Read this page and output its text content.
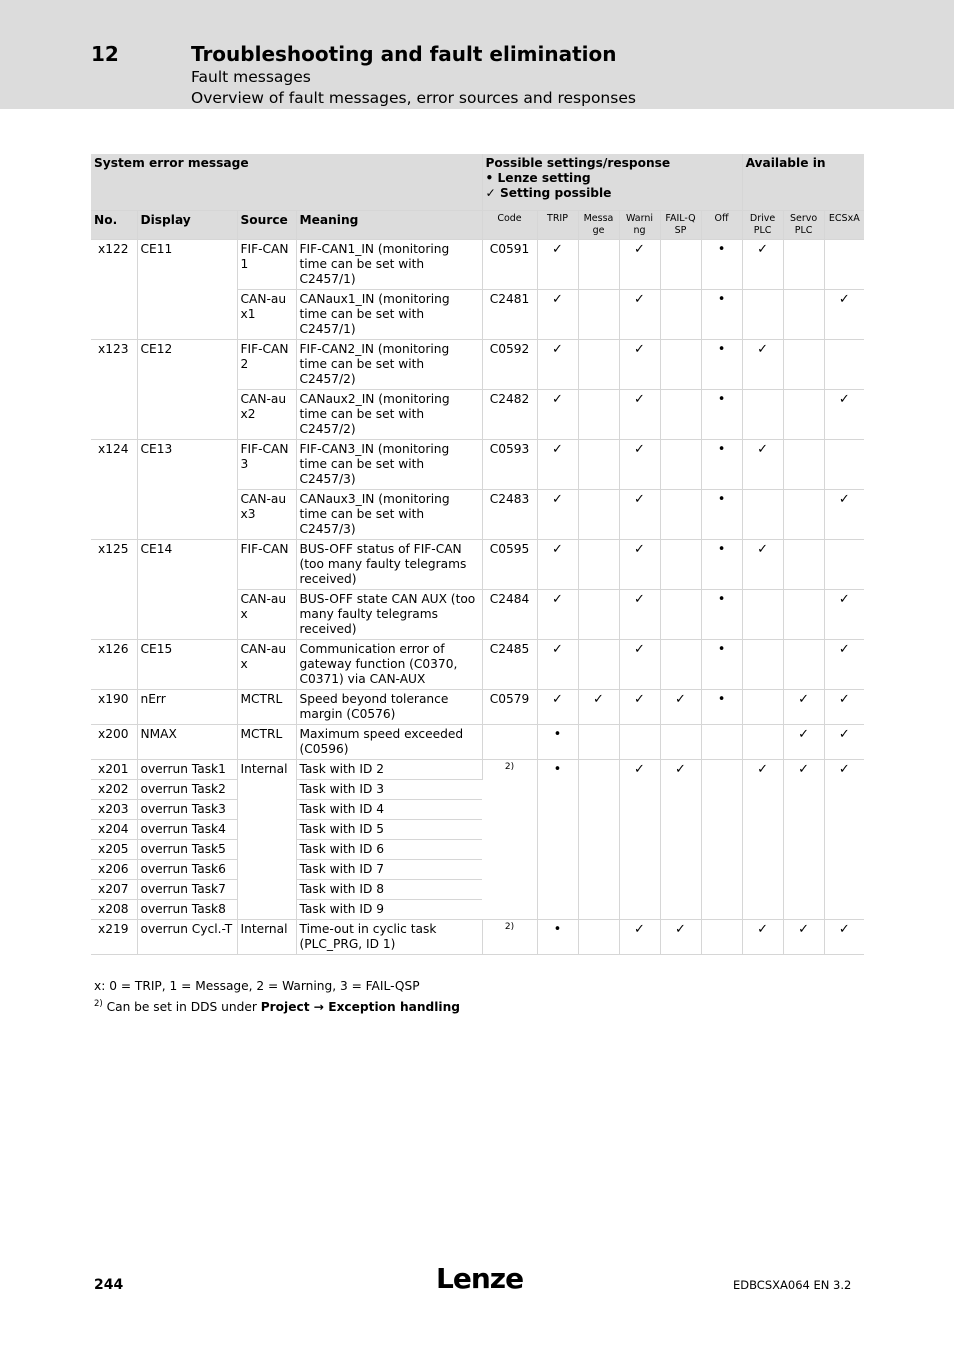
12	Troubleshooting and fault elimination
Fault messages
Overview of fault messages, error sources and responses
System error message				Possible settings/response
• Lenze setting
✓ Setting possible						Available in		
No.	Display	Source	Meaning	Code	TRIP	Messa ge	Warni ng	FAIL-Q SP	Off	Drive PLC	Servo PLC	ECSxA
x122	CE11	FIF-CAN 1	FIF-CAN1_IN (monitoring time can be set with C2457/1)	C0591	✓		✓		•	✓		
		CAN-au x1	CANaux1_IN (monitoring time can be set with C2457/1)	C2481	✓		✓		•			✓
x123	CE12	FIF-CAN 2	FIF-CAN2_IN (monitoring time can be set with C2457/2)	C0592	✓		✓		•	✓		
		CAN-au x2	CANaux2_IN (monitoring time can be set with C2457/2)	C2482	✓		✓		•			✓
x124	CE13	FIF-CAN 3	FIF-CAN3_IN (monitoring time can be set with C2457/3)	C0593	✓		✓		•	✓		
		CAN-au x3	CANaux3_IN (monitoring time can be set with C2457/3)	C2483	✓		✓		•			✓
x125	CE14	FIF-CAN	BUS-OFF status of FIF-CAN (too many faulty telegrams received)	C0595	✓		✓		•	✓		
		CAN-au x	BUS-OFF state CAN AUX (too many faulty telegrams received)	C2484	✓		✓		•			✓
x126	CE15	CAN-au x	Communication error of gateway function (C0370, C0371) via CAN-AUX	C2485	✓		✓		•			✓
x190	nErr	MCTRL	Speed beyond tolerance margin (C0576)	C0579	✓	✓	✓	✓	•		✓	✓
x200	NMAX	MCTRL	Maximum speed exceeded (C0596)		•						✓	✓
x201	overrun Task1	Internal	Task with ID 2	2)	•		✓	✓		✓	✓	✓
x202	overrun Task2		Task with ID 3									
x203	overrun Task3		Task with ID 4									
x204	overrun Task4		Task with ID 5									
x205	overrun Task5		Task with ID 6									
x206	overrun Task6		Task with ID 7									
x207	overrun Task7		Task with ID 8									
x208	overrun Task8		Task with ID 9									
x219	overrun Cycl.-T	Internal	Time-out in cyclic task (PLC_PRG, ID 1)	2)	•		✓	✓		✓	✓	✓
x: 0 = TRIP, 1 = Message, 2 = Warning, 3 = FAIL-QSP
$^{2)}$ Can be set in DDS under Project → Exception handling
244	Lenze	EDBCSXA064 EN 3.2
